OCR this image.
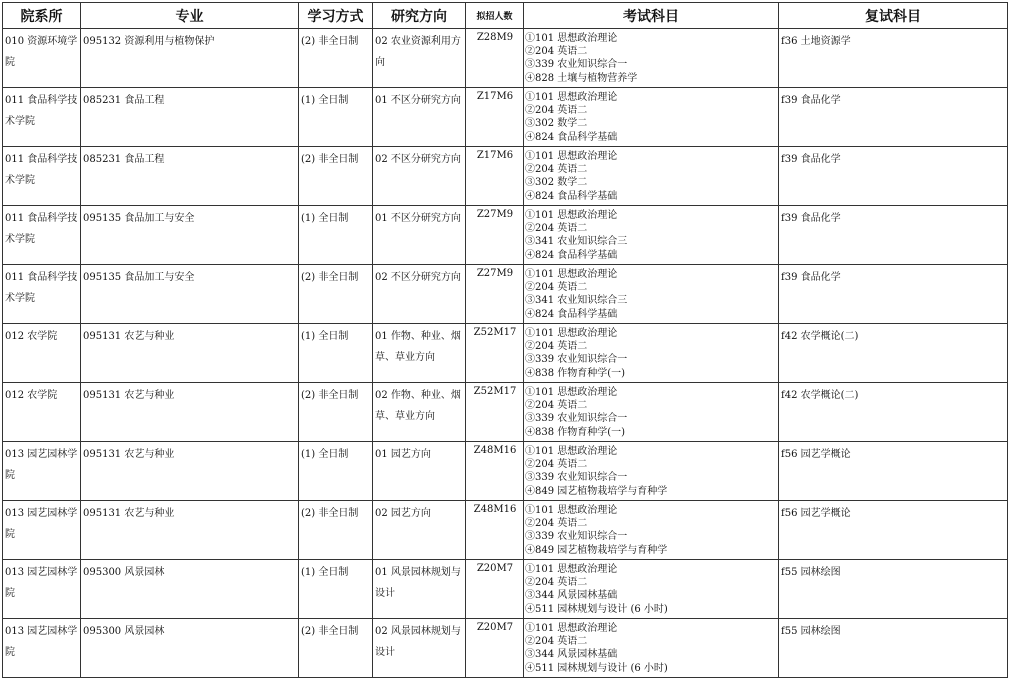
院系所	专业	学习方式	研究方向	拟招人数	考试科目	复试科目
010 资源环境学院	095132 资源利用与植物保护	(2) 非全日制	02 农业资源利用方向	Z28M9	①101 思想政治理论
②204 英语二
③339 农业知识综合一
④828 土壤与植物营养学	f36 土地资源学
011 食品科学技术学院	085231 食品工程	(1) 全日制	01 不区分研究方向	Z17M6	①101 思想政治理论
②204 英语二
③302 数学二
④824 食品科学基础	f39 食品化学
011 食品科学技术学院	085231 食品工程	(2) 非全日制	02 不区分研究方向	Z17M6	①101 思想政治理论
②204 英语二
③302 数学二
④824 食品科学基础	f39 食品化学
011 食品科学技术学院	095135 食品加工与安全	(1) 全日制	01 不区分研究方向	Z27M9	①101 思想政治理论
②204 英语二
③341 农业知识综合三
④824 食品科学基础	f39 食品化学
011 食品科学技术学院	095135 食品加工与安全	(2) 非全日制	02 不区分研究方向	Z27M9	①101 思想政治理论
②204 英语二
③341 农业知识综合三
④824 食品科学基础	f39 食品化学
012 农学院	095131 农艺与种业	(1) 全日制	01 作物、种业、烟草、草业方向	Z52M17	①101 思想政治理论
②204 英语二
③339 农业知识综合一
④838 作物育种学(一)	f42 农学概论(二)
012 农学院	095131 农艺与种业	(2) 非全日制	02 作物、种业、烟草、草业方向	Z52M17	①101 思想政治理论
②204 英语二
③339 农业知识综合一
④838 作物育种学(一)	f42 农学概论(二)
013 园艺园林学院	095131 农艺与种业	(1) 全日制	01 园艺方向	Z48M16	①101 思想政治理论
②204 英语二
③339 农业知识综合一
④849 园艺植物栽培学与育种学	f56 园艺学概论
013 园艺园林学院	095131 农艺与种业	(2) 非全日制	02 园艺方向	Z48M16	①101 思想政治理论
②204 英语二
③339 农业知识综合一
④849 园艺植物栽培学与育种学	f56 园艺学概论
013 园艺园林学院	095300 风景园林	(1) 全日制	01 风景园林规划与设计	Z20M7	①101 思想政治理论
②204 英语二
③344 风景园林基础
④511 园林规划与设计 (6 小时)	f55 园林绘图
013 园艺园林学院	095300 风景园林	(2) 非全日制	02 风景园林规划与设计	Z20M7	①101 思想政治理论
②204 英语二
③344 风景园林基础
④511 园林规划与设计 (6 小时)	f55 园林绘图
